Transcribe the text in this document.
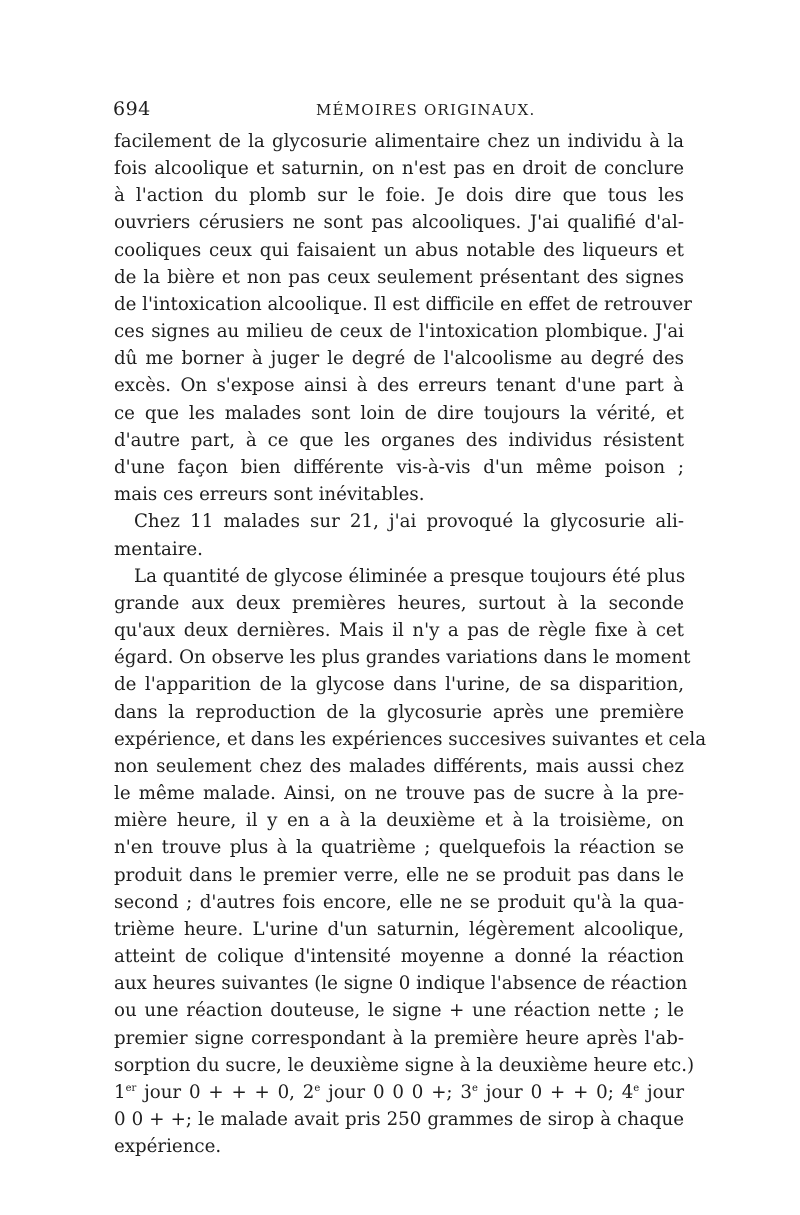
694	MÉMOIRES ORIGINAUX.
facilement de la glycosurie alimentaire chez un individu à la
fois alcoolique et saturnin, on n'est pas en droit de conclure
à l'action du plomb sur le foie. Je dois dire que tous les
ouvriers cérusiers ne sont pas alcooliques. J'ai qualifié d'al-
cooliques ceux qui faisaient un abus notable des liqueurs et
de la bière et non pas ceux seulement présentant des signes
de l'intoxication alcoolique. Il est difficile en effet de retrouver
ces signes au milieu de ceux de l'intoxication plombique. J'ai
dû me borner à juger le degré de l'alcoolisme au degré des
excès. On s'expose ainsi à des erreurs tenant d'une part à
ce que les malades sont loin de dire toujours la vérité, et
d'autre part, à ce que les organes des individus résistent
d'une façon bien différente vis-à-vis d'un même poison ;
mais ces erreurs sont inévitables.
Chez 11 malades sur 21, j'ai provoqué la glycosurie ali-
mentaire.
La quantité de glycose éliminée a presque toujours été plus
grande aux deux premières heures, surtout à la seconde
qu'aux deux dernières. Mais il n'y a pas de règle fixe à cet
égard. On observe les plus grandes variations dans le moment
de l'apparition de la glycose dans l'urine, de sa disparition,
dans la reproduction de la glycosurie après une première
expérience, et dans les expériences succesives suivantes et cela
non seulement chez des malades différents, mais aussi chez
le même malade. Ainsi, on ne trouve pas de sucre à la pre-
mière heure, il y en a à la deuxième et à la troisième, on
n'en trouve plus à la quatrième ; quelquefois la réaction se
produit dans le premier verre, elle ne se produit pas dans le
second ; d'autres fois encore, elle ne se produit qu'à la qua-
trième heure. L'urine d'un saturnin, légèrement alcoolique,
atteint de colique d'intensité moyenne a donné la réaction
aux heures suivantes (le signe 0 indique l'absence de réaction
ou une réaction douteuse, le signe + une réaction nette ; le
premier signe correspondant à la première heure après l'ab-
sorption du sucre, le deuxième signe à la deuxième heure etc.)
1er jour 0 + + + 0, 2e jour 0 0 0 +; 3e jour 0 + + 0; 4e jour
0 0 + +; le malade avait pris 250 grammes de sirop à chaque
expérience.
